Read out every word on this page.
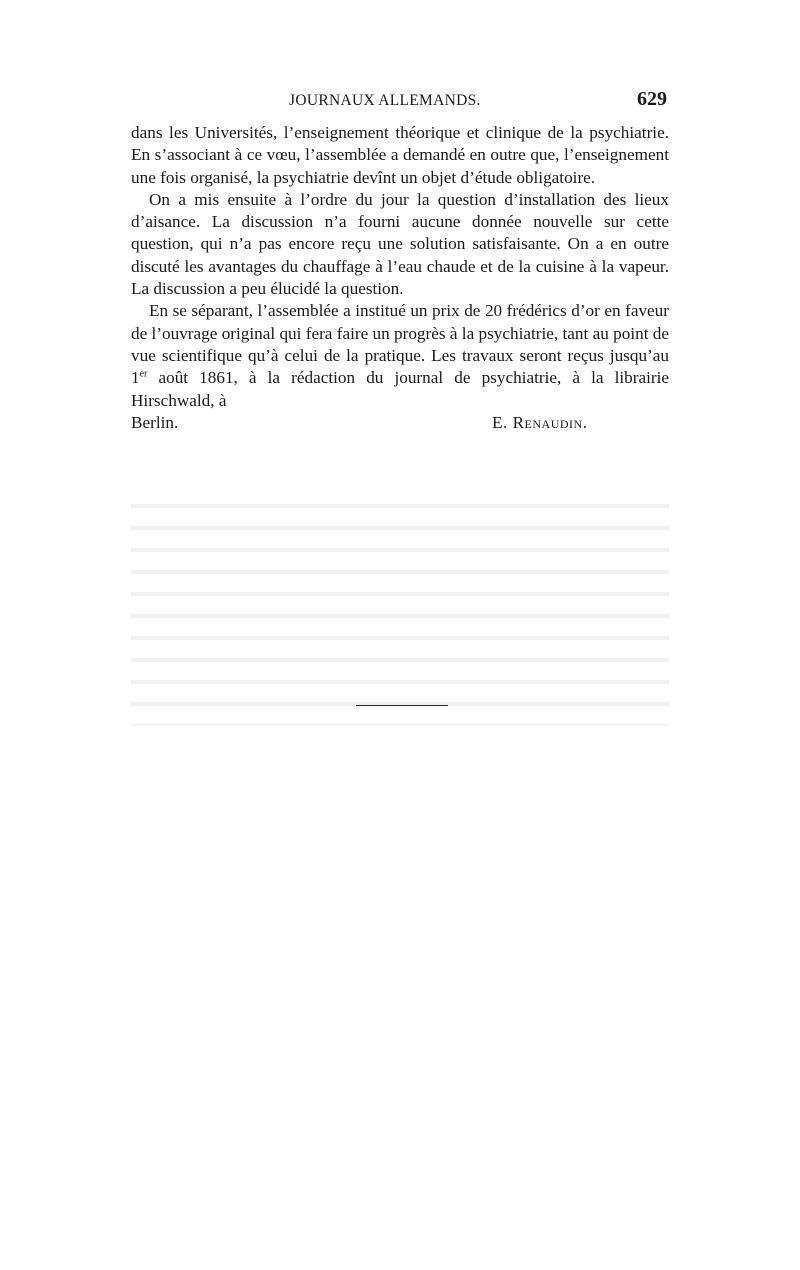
JOURNAUX ALLEMANDS.	629

dans les Universités, l’enseignement théorique et clinique de la psychiatrie. En s’associant à ce vœu, l’assemblée a demandé en outre que, l’enseignement une fois organisé, la psychiatrie devînt un objet d’étude obligatoire.

On a mis ensuite à l’ordre du jour la question d’installation des lieux d’aisance. La discussion n’a fourni aucune donnée nouvelle sur cette question, qui n’a pas encore reçu une solution satisfaisante. On a en outre discuté les avantages du chauffage à l’eau chaude et de la cuisine à la vapeur. La discussion a peu élucidé la question.

En se séparant, l’assemblée a institué un prix de 20 frédérics d’or en faveur de l’ouvrage original qui fera faire un progrès à la psychiatrie, tant au point de vue scientifique qu’à celui de la pratique. Les travaux seront reçus jusqu’au 1er août 1861, à la rédaction du journal de psychiatrie, à la librairie Hirschwald, à

Berlin.	E. Renaudin.
